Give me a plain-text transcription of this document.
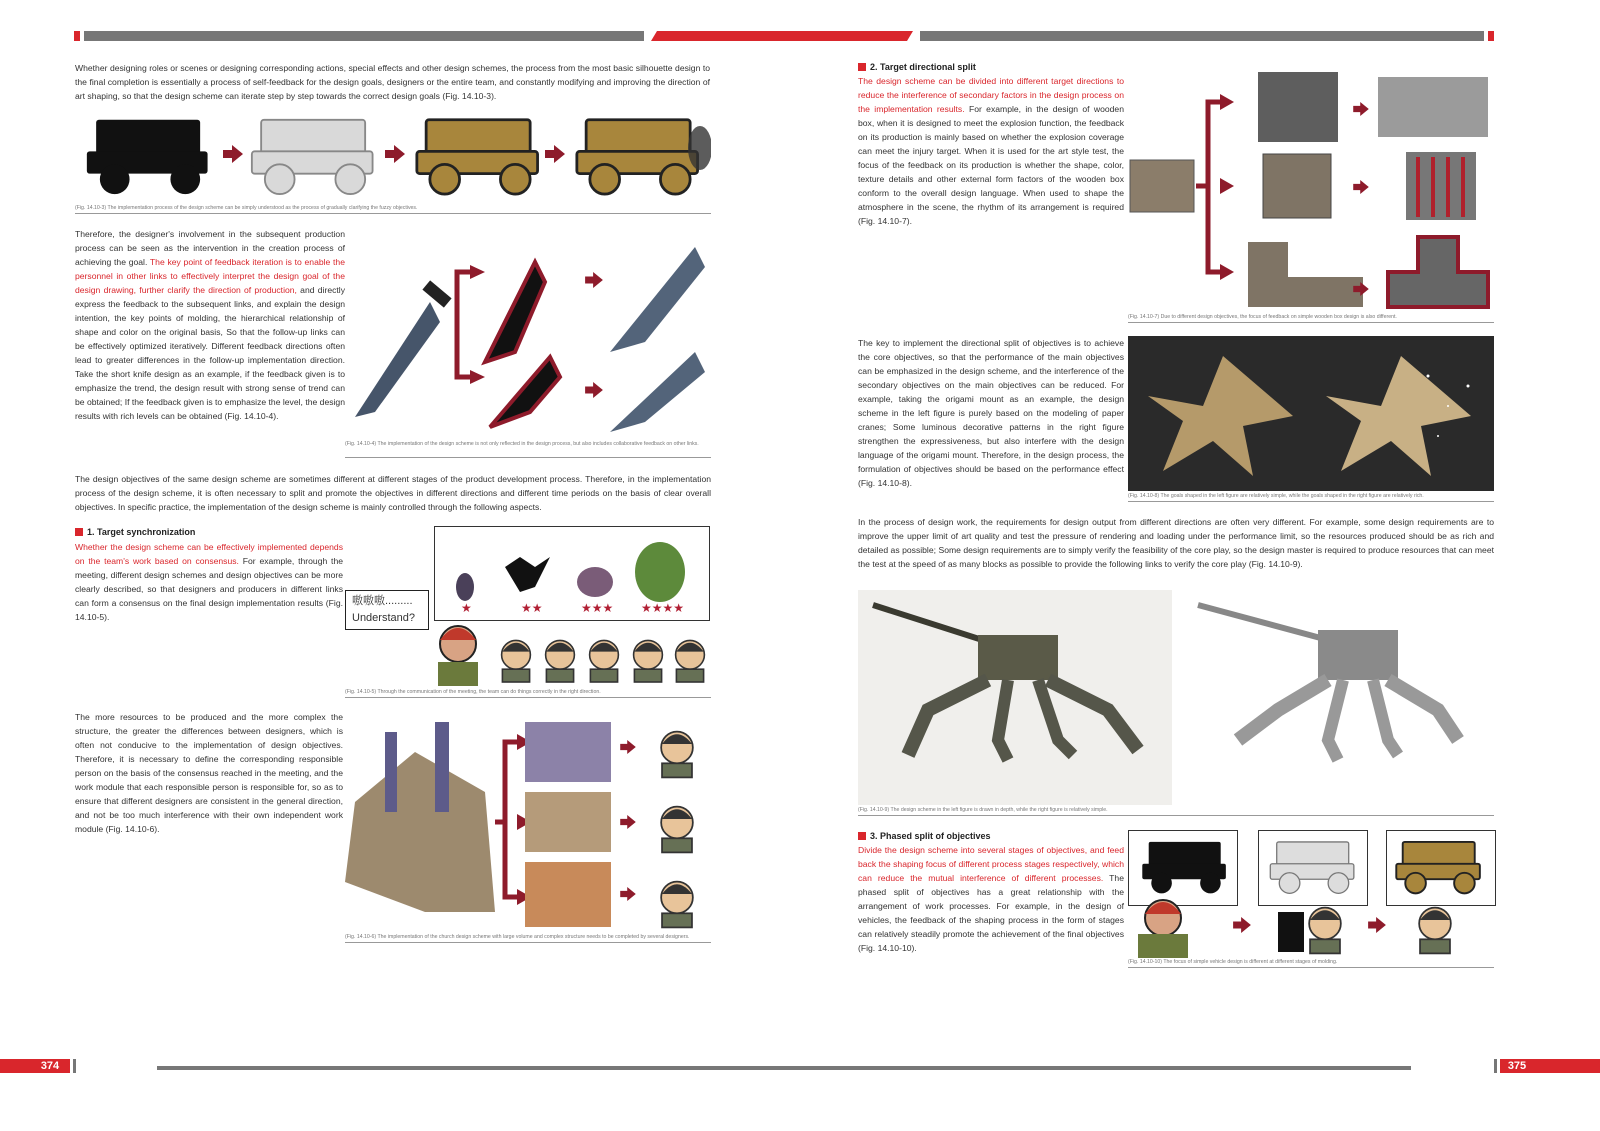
Whether designing roles or scenes or designing corresponding actions, special effects and other design schemes, the process from the most basic silhouette design to the final completion is essentially a process of self-feedback for the design goals, designers or the entire team, and constantly modifying and improving the direction of art shaping, so that the design scheme can iterate step by step towards the correct design goals (Fig. 14.10-3).

(Fig. 14.10-3) The implementation process of the design scheme can be simply understood as the process of gradually clarifying the fuzzy objectives.

Therefore, the designer's involvement in the subsequent production process can be seen as the intervention in the creation process of achieving the goal. The key point of feedback iteration is to enable the personnel in other links to effectively interpret the design goal of the design drawing, further clarify the direction of production, and directly express the feedback to the subsequent links, and explain the design intention, the key points of molding, the hierarchical relationship of shape and color on the original basis, So that the follow-up links can be effectively optimized iteratively. Different feedback directions often lead to greater differences in the follow-up implementation direction. Take the short knife design as an example, if the feedback given is to emphasize the trend, the design result with strong sense of trend can be obtained; If the feedback given is to emphasize the level, the design results with rich levels can be obtained (Fig. 14.10-4).

(Fig. 14.10-4) The implementation of the design scheme is not only reflected in the design process, but also includes collaborative feedback on other links.

The design objectives of the same design scheme are sometimes different at different stages of the product development process. Therefore, in the implementation process of the design scheme, it is often necessary to split and promote the objectives in different directions and different time periods on the basis of clear overall objectives. In specific practice, the implementation of the design scheme is mainly controlled through the following aspects.

1. Target synchronization

Whether the design scheme can be effectively implemented depends on the team's work based on consensus. For example, through the meeting, different design schemes and design objectives can be more clearly described, so that designers and producers in different links can form a consensus on the final design implementation results (Fig. 14.10-5).

★	★★	★★★ ★★★★
嗷嗷嗷.........
Understand?

(Fig. 14.10-5) Through the communication of the meeting, the team can do things correctly in the right direction.

The more resources to be produced and the more complex the structure, the greater the differences between designers, which is often not conducive to the implementation of design objectives. Therefore, it is necessary to define the corresponding responsible person on the basis of the consensus reached in the meeting, and the work module that each responsible person is responsible for, so as to ensure that different designers are consistent in the general direction, and not be too much interference with their own independent work module (Fig. 14.10-6).

(Fig. 14.10-6) The implementation of the church design scheme with large volume and complex structure needs to be completed by several designers.

2. Target directional split

The design scheme can be divided into different target directions to reduce the interference of secondary factors in the design process on the implementation results. For example, in the design of wooden box, when it is designed to meet the explosion function, the feedback on its production is mainly based on whether the explosion coverage can meet the injury target. When it is used for the art style test, the focus of the feedback on its production is whether the shape, color, texture details and other external form factors of the wooden box conform to the overall design language. When used to shape the atmosphere in the scene, the rhythm of its arrangement is required (Fig. 14.10-7).

(Fig. 14.10-7) Due to different design objectives, the focus of feedback on simple wooden box design is also different.

The key to implement the directional split of objectives is to achieve the core objectives, so that the performance of the main objectives can be emphasized in the design scheme, and the interference of the secondary objectives on the main objectives can be reduced. For example, taking the origami mount as an example, the design scheme in the left figure is purely based on the modeling of paper cranes; Some luminous decorative patterns in the right figure strengthen the expressiveness, but also interfere with the design language of the origami mount. Therefore, in the design process, the formulation of objectives should be based on the performance effect (Fig. 14.10-8).

(Fig. 14.10-8) The goals shaped in the left figure are relatively simple, while the goals shaped in the right figure are relatively rich.

In the process of design work, the requirements for design output from different directions are often very different. For example, some design requirements are to improve the upper limit of art quality and test the pressure of rendering and loading under the performance limit, so the resources produced should be as rich and detailed as possible; Some design requirements are to simply verify the feasibility of the core play, so the design master is required to produce resources that can meet the test at the speed of as many blocks as possible to provide the following links to verify the core play (Fig. 14.10-9).

(Fig. 14.10-9) The design scheme in the left figure is drawn in depth, while the right figure is relatively simple.

3. Phased split of objectives

Divide the design scheme into several stages of objectives, and feed back the shaping focus of different process stages respectively, which can reduce the mutual interference of different processes. The phased split of objectives has a great relationship with the arrangement of work processes. For example, in the design of vehicles, the feedback of the shaping process in the form of stages can relatively steadily promote the achievement of the final objectives (Fig. 14.10-10).

(Fig. 14.10-10) The focus of simple vehicle design is different at different stages of molding.

374	375
